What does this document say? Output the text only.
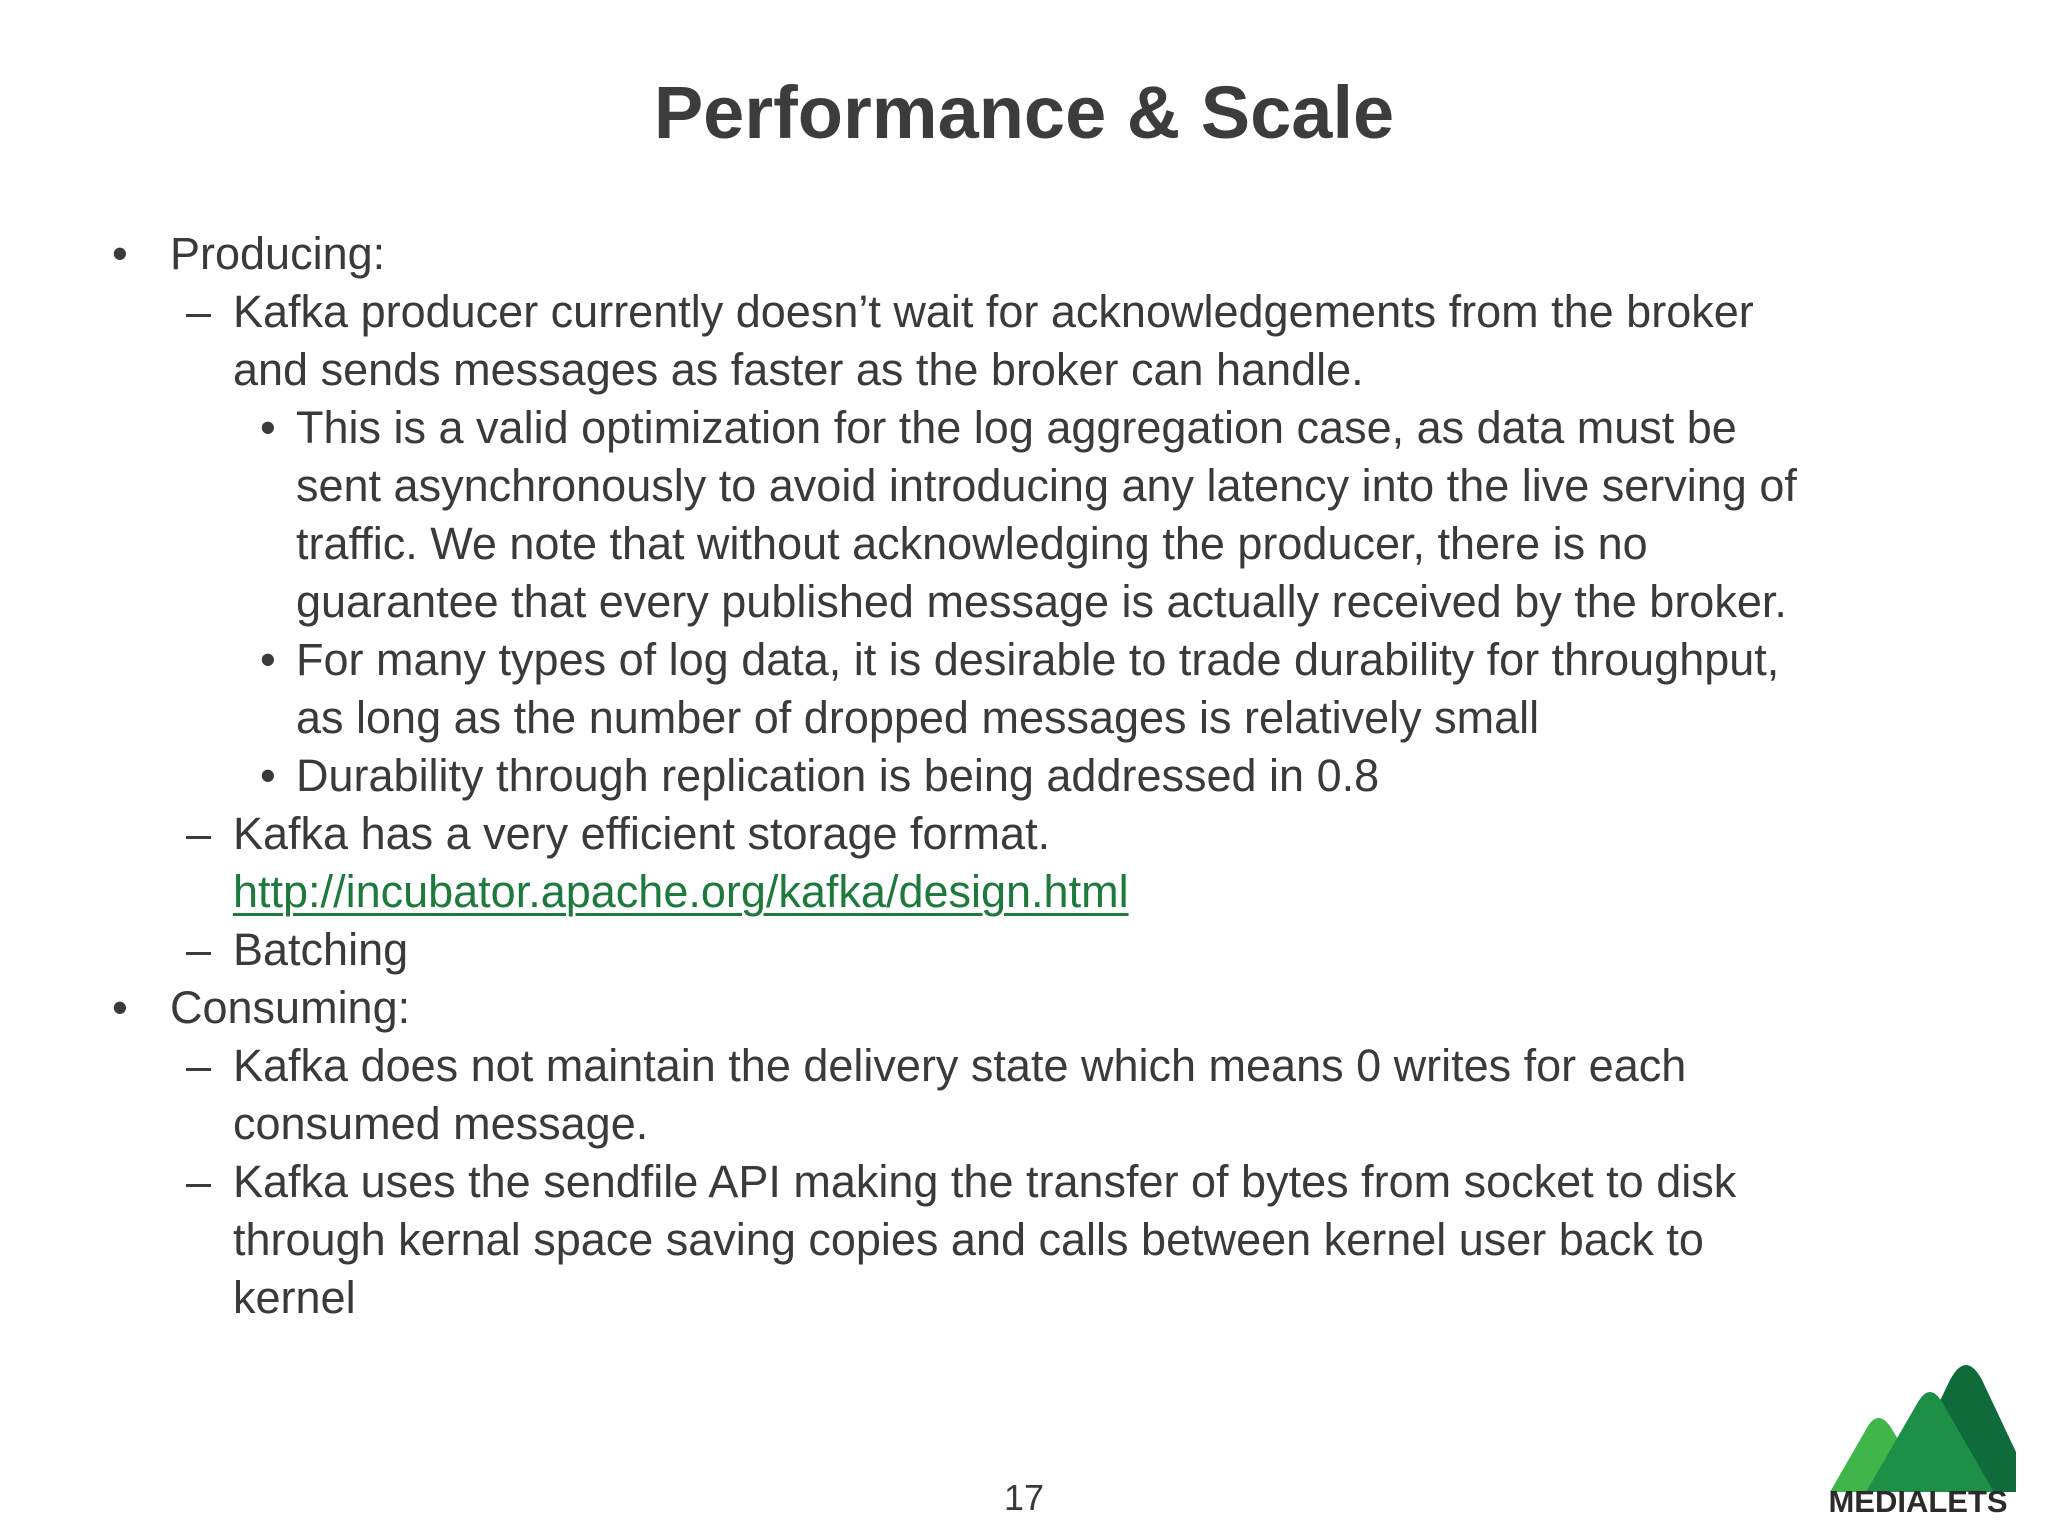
Performance & Scale
• Producing:
– Kafka producer currently doesn’t wait for acknowledgements from the broker
and sends messages as faster as the broker can handle.
• This is a valid optimization for the log aggregation case, as data must be
sent asynchronously to avoid introducing any latency into the live serving of
traffic. We note that without acknowledging the producer, there is no
guarantee that every published message is actually received by the broker.
• For many types of log data, it is desirable to trade durability for throughput,
as long as the number of dropped messages is relatively small
• Durability through replication is being addressed in 0.8
– Kafka has a very efficient storage format.
http://incubator.apache.org/kafka/design.html
– Batching
• Consuming:
– Kafka does not maintain the delivery state which means 0 writes for each
consumed message.
– Kafka uses the sendfile API making the transfer of bytes from socket to disk
through kernal space saving copies and calls between kernel user back to
kernel
17	MEDIALETS
